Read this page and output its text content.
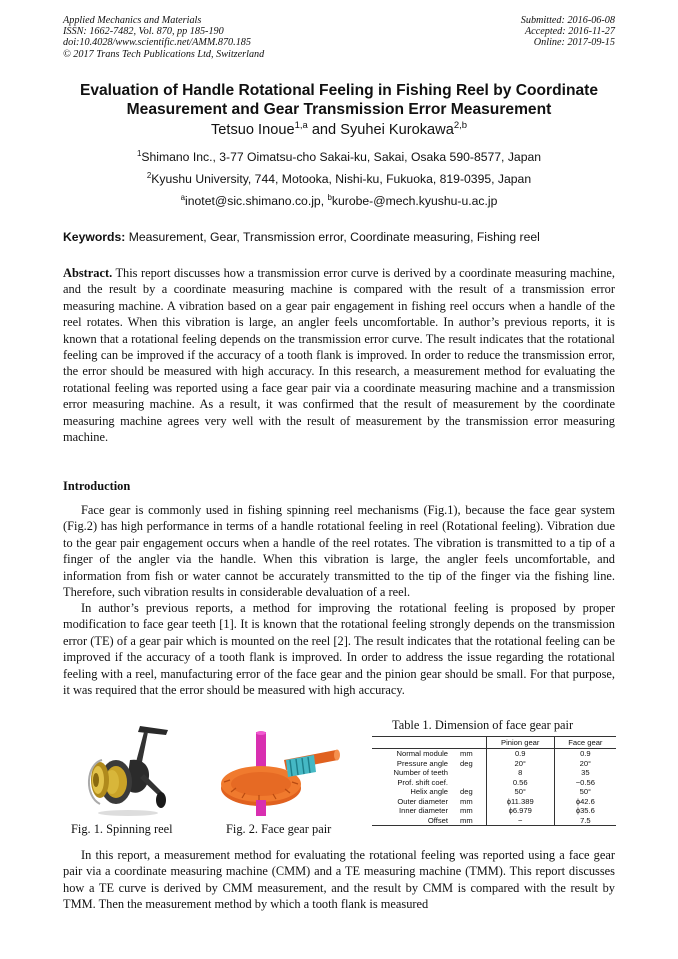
Applied Mechanics and Materials
ISSN: 1662-7482, Vol. 870, pp 185-190
doi:10.4028/www.scientific.net/AMM.870.185
© 2017 Trans Tech Publications Ltd, Switzerland
Submitted: 2016-06-08
Accepted: 2016-11-27
Online: 2017-09-15
Evaluation of Handle Rotational Feeling in Fishing Reel by Coordinate
Measurement and Gear Transmission Error Measurement
Tetsuo Inoue$^{1,a}$ and Syuhei Kurokawa$^{2,b}$
$^1$Shimano Inc., 3-77 Oimatsu-cho Sakai-ku, Sakai, Osaka 590-8577, Japan
$^2$Kyushu University, 744, Motooka, Nishi-ku, Fukuoka, 819-0395, Japan
$^a$inotet@sic.shimano.co.jp, $^b$kurobe-@mech.kyushu-u.ac.jp
Keywords: Measurement, Gear, Transmission error, Coordinate measuring, Fishing reel
Abstract. This report discusses how a transmission error curve is derived by a coordinate measuring machine, and the result by a coordinate measuring machine is compared with the result of a transmission error measuring machine. A vibration based on a gear pair engagement in fishing reel occurs when a handle of the reel rotates. When this vibration is large, an angler feels uncomfortable. In author’s previous reports, it is known that a rotational feeling depends on the transmission error curve. The result indicates that the rotational feeling can be improved if the accuracy of a tooth flank is improved. In order to reduce the transmission error, the error should be measured with high accuracy. In this research, a measurement method for evaluating the rotational feeling was reported using a face gear pair via a coordinate measuring machine and a transmission error measuring machine. As a result, it was confirmed that the result of measurement by the coordinate measuring machine agrees very well with the result of measurement by the transmission error measuring machine.
Introduction
Face gear is commonly used in fishing spinning reel mechanisms (Fig.1), because the face gear system (Fig.2) has high performance in terms of a handle rotational feeling in reel (Rotational feeling). Vibration due to the gear pair engagement occurs when a handle of the reel rotates. The vibration is transmitted to a tip of a finger of the angler via the handle. When this vibration is large, the angler feels uncomfortable, and information from fish or water cannot be accurately transmitted to the tip of the finger via the fishing line. Therefore, such vibration results in considerable devaluation of a reel.
In author’s previous reports, a method for improving the rotational feeling is proposed by proper modification to face gear teeth [1]. It is known that the rotational feeling strongly depends on the transmission error (TE) of a gear pair which is mounted on the reel [2]. The result indicates that the rotational feeling can be improved if the accuracy of a tooth flank is improved. In order to address the issue regarding the rotational feeling with a reel, manufacturing error of the face gear and the pinion gear should be small. For that purpose, it was required that the error should be measured with high accuracy.
Fig. 1. Spinning reel	Fig. 2. Face gear pair
Table 1. Dimension of face gear pair
		Pinion gear	Face gear
Normal module	mm	0.9	0.9
Pressure angle	deg	20°	20°
Number of teeth		8	35
Prof. shift coef.		0.56	−0.56
Helix angle	deg	50°	50°
Outer diameter	mm	ϕ11.389	ϕ42.6
Inner diameter	mm	ϕ6.979	ϕ35.6
Offset	mm	−	7.5
In this report, a measurement method for evaluating the rotational feeling was reported using a face gear pair via a coordinate measuring machine (CMM) and a TE measuring machine (TMM). This report discusses how a TE curve is derived by CMM measurement, and the result by CMM is compared with the result by TMM. Then the measurement method by which a tooth flank is measured
